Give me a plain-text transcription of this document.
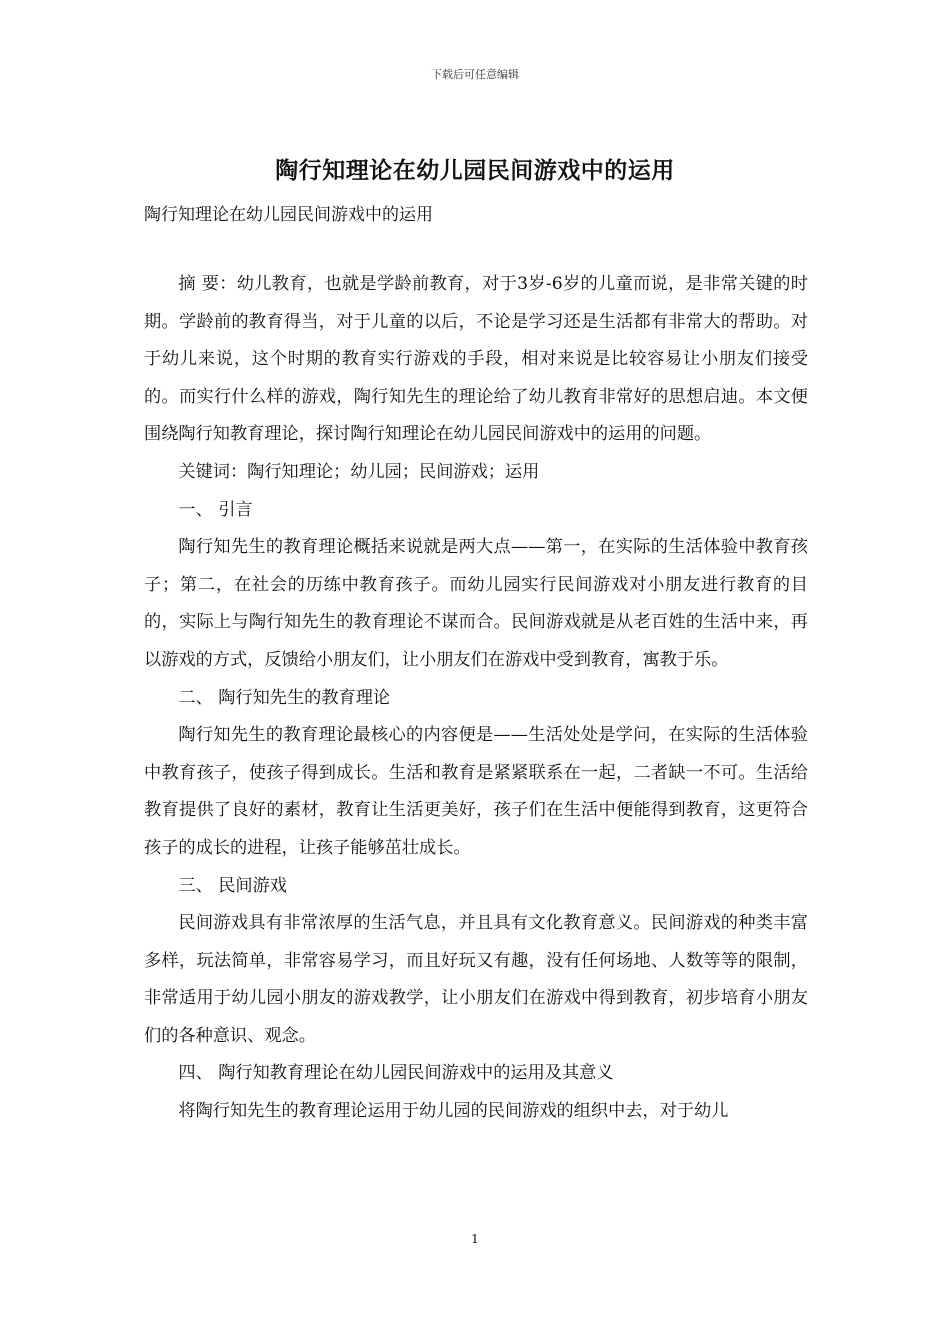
下载后可任意编辑
陶行知理论在幼儿园民间游戏中的运用
陶行知理论在幼儿园民间游戏中的运用

摘 要：幼儿教育，也就是学龄前教育，对于3岁-6岁的儿童而说，是非常关键的时期。学龄前的教育得当，对于儿童的以后，不论是学习还是生活都有非常大的帮助。对于幼儿来说，这个时期的教育实行游戏的手段，相对来说是比较容易让小朋友们接受的。而实行什么样的游戏，陶行知先生的理论给了幼儿教育非常好的思想启迪。本文便围绕陶行知教育理论，探讨陶行知理论在幼儿园民间游戏中的运用的问题。

关键词：陶行知理论；幼儿园；民间游戏；运用

一、 引言

陶行知先生的教育理论概括来说就是两大点——第一，在实际的生活体验中教育孩子；第二，在社会的历练中教育孩子。而幼儿园实行民间游戏对小朋友进行教育的目的，实际上与陶行知先生的教育理论不谋而合。民间游戏就是从老百姓的生活中来，再以游戏的方式，反馈给小朋友们，让小朋友们在游戏中受到教育，寓教于乐。

二、 陶行知先生的教育理论

陶行知先生的教育理论最核心的内容便是——生活处处是学问，在实际的生活体验中教育孩子，使孩子得到成长。生活和教育是紧紧联系在一起，二者缺一不可。生活给教育提供了良好的素材，教育让生活更美好，孩子们在生活中便能得到教育，这更符合孩子的成长的进程，让孩子能够茁壮成长。

三、 民间游戏

民间游戏具有非常浓厚的生活气息，并且具有文化教育意义。民间游戏的种类丰富多样，玩法简单，非常容易学习，而且好玩又有趣，没有任何场地、人数等等的限制，非常适用于幼儿园小朋友的游戏教学，让小朋友们在游戏中得到教育，初步培育小朋友们的各种意识、观念。

四、 陶行知教育理论在幼儿园民间游戏中的运用及其意义

将陶行知先生的教育理论运用于幼儿园的民间游戏的组织中去，对于幼儿

1
